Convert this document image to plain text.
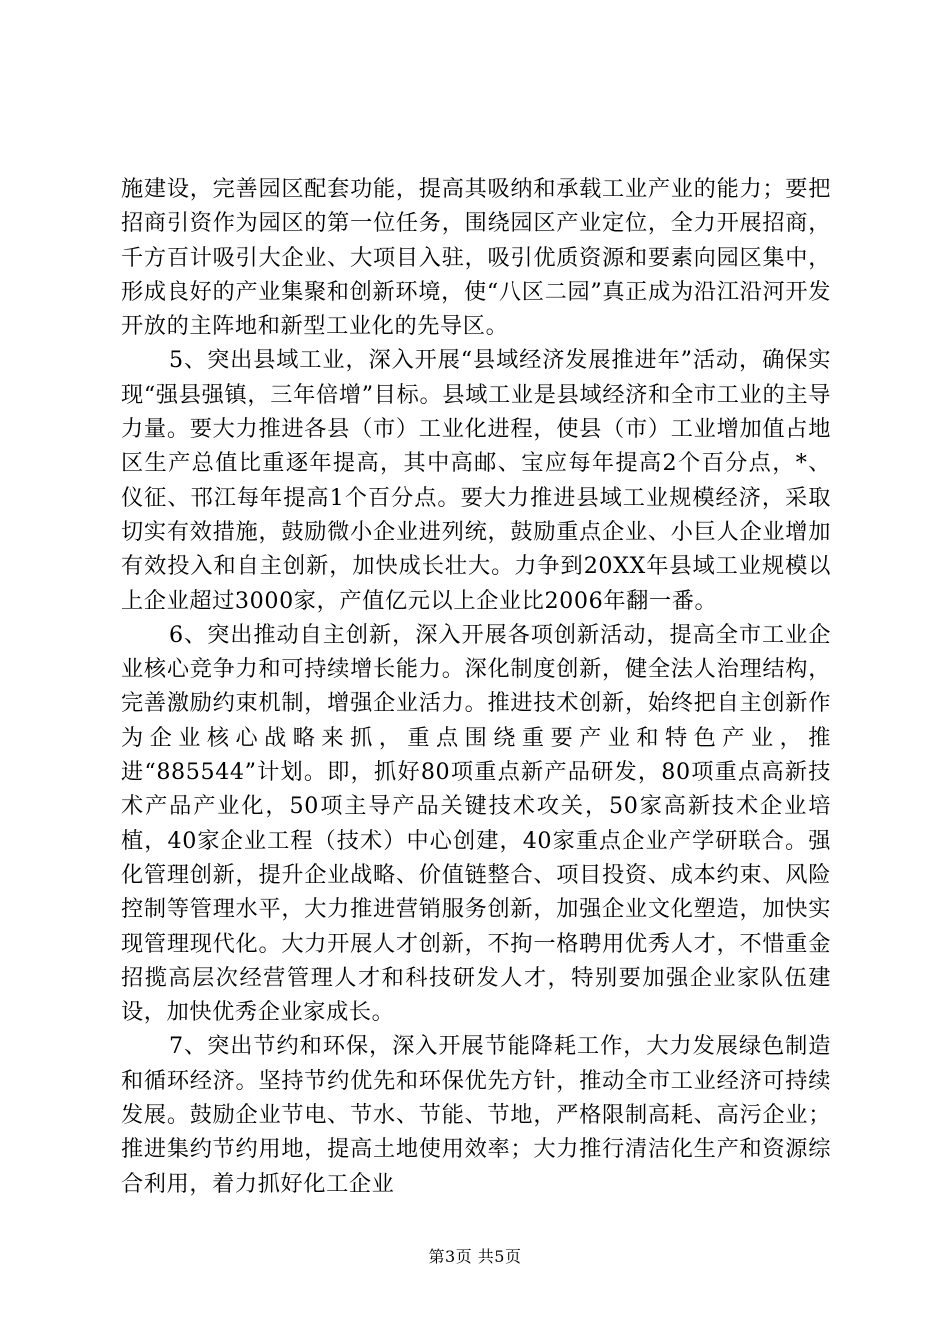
施建设，完善园区配套功能，提高其吸纳和承载工业产业的能力；要把招商引资作为园区的第一位任务，围绕园区产业定位，全力开展招商，千方百计吸引大企业、大项目入驻，吸引优质资源和要素向园区集中，形成良好的产业集聚和创新环境，使“八区二园”真正成为沿江沿河开发开放的主阵地和新型工业化的先导区。

5、突出县域工业，深入开展“县域经济发展推进年”活动，确保实现“强县强镇，三年倍增”目标。县域工业是县域经济和全市工业的主导力量。要大力推进各县（市）工业化进程，使县（市）工业增加值占地区生产总值比重逐年提高，其中高邮、宝应每年提高2个百分点，*、仪征、邗江每年提高1个百分点。要大力推进县域工业规模经济，采取切实有效措施，鼓励微小企业进列统，鼓励重点企业、小巨人企业增加有效投入和自主创新，加快成长壮大。力争到20XX年县域工业规模以上企业超过3000家，产值亿元以上企业比2006年翻一番。

6、突出推动自主创新，深入开展各项创新活动，提高全市工业企业核心竞争力和可持续增长能力。深化制度创新，健全法人治理结构，完善激励约束机制，增强企业活力。推进技术创新，始终把自主创新作为企业核心战略来抓，重点围绕重要产业和特色产业，推进“885544”计划。即，抓好80项重点新产品研发，80项重点高新技术产品产业化，50项主导产品关键技术攻关，50家高新技术企业培植，40家企业工程（技术）中心创建，40家重点企业产学研联合。强化管理创新，提升企业战略、价值链整合、项目投资、成本约束、风险控制等管理水平，大力推进营销服务创新，加强企业文化塑造，加快实现管理现代化。大力开展人才创新，不拘一格聘用优秀人才，不惜重金招揽高层次经营管理人才和科技研发人才，特别要加强企业家队伍建设，加快优秀企业家成长。

7、突出节约和环保，深入开展节能降耗工作，大力发展绿色制造和循环经济。坚持节约优先和环保优先方针，推动全市工业经济可持续发展。鼓励企业节电、节水、节能、节地，严格限制高耗、高污企业；推进集约节约用地，提高土地使用效率；大力推行清洁化生产和资源综合利用，着力抓好化工企业

第3页 共5页
